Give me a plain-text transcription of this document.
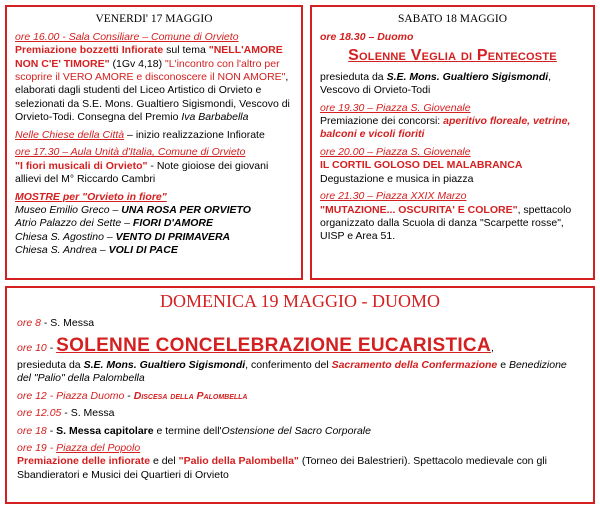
VENERDI' 17 MAGGIO
ore 16.00 - Sala Consiliare – Comune di Orvieto
Premiazione bozzetti Infiorate sul tema "NELL'AMORE NON C'E' TIMORE" (1Gv 4,18) "L'incontro con l'altro per scoprire il VERO AMORE e disconoscere il NON AMORE", elaborati dagli studenti del Liceo Artistico di Orvieto e selezionati da S.E. Mons. Gualtiero Sigismondi, Vescovo di Orvieto-Todi. Consegna del Premio Iva Barbabella
Nelle Chiese della Città – inizio realizzazione Infiorate
ore 17.30 – Aula Unità d'Italia, Comune di Orvieto
"I fiori musicali di Orvieto" - Note gioiose dei giovani allievi del M° Riccardo Cambri
MOSTRE per "Orvieto in fiore"
Museo Emilio Greco – UNA ROSA PER ORVIETO
Atrio Palazzo dei Sette – FIORI D'AMORE
Chiesa S. Agostino – VENTO DI PRIMAVERA
Chiesa S. Andrea – VOLI DI PACE
SABATO 18 MAGGIO
ore 18.30 – Duomo
Solenne Veglia di Pentecoste
presieduta da S.E. Mons. Gualtiero Sigismondi, Vescovo di Orvieto-Todi
ore 19.30 – Piazza S. Giovenale
Premiazione dei concorsi: aperitivo floreale, vetrine, balconi e vicoli fioriti
ore 20.00 – Piazza S. Giovenale
IL CORTIL GOLOSO DEL MALABRANCA
Degustazione e musica in piazza
ore 21.30 – Piazza XXIX Marzo
"MUTAZIONE... OSCURITA' E COLORE", spettacolo organizzato dalla Scuola di danza "Scarpette rosse", UISP e Area 51.
DOMENICA 19 MAGGIO - DUOMO
ore 8 - S. Messa
ore 10 - SOLENNE CONCELEBRAZIONE EUCARISTICA,
presieduta da S.E. Mons. Gualtiero Sigismondi, conferimento del Sacramento della Confermazione e Benedizione del "Palio" della Palombella
ore 12 - Piazza Duomo - Discesa della Palombella
ore 12.05 - S. Messa
ore 18 - S. Messa capitolare e termine dell'Ostensione del Sacro Corporale
ore 19 - Piazza del Popolo
Premiazione delle infiorate e del "Palio della Palombella" (Torneo dei Balestrieri). Spettacolo medievale con gli Sbandieratori e Musici dei Quartieri di Orvieto
